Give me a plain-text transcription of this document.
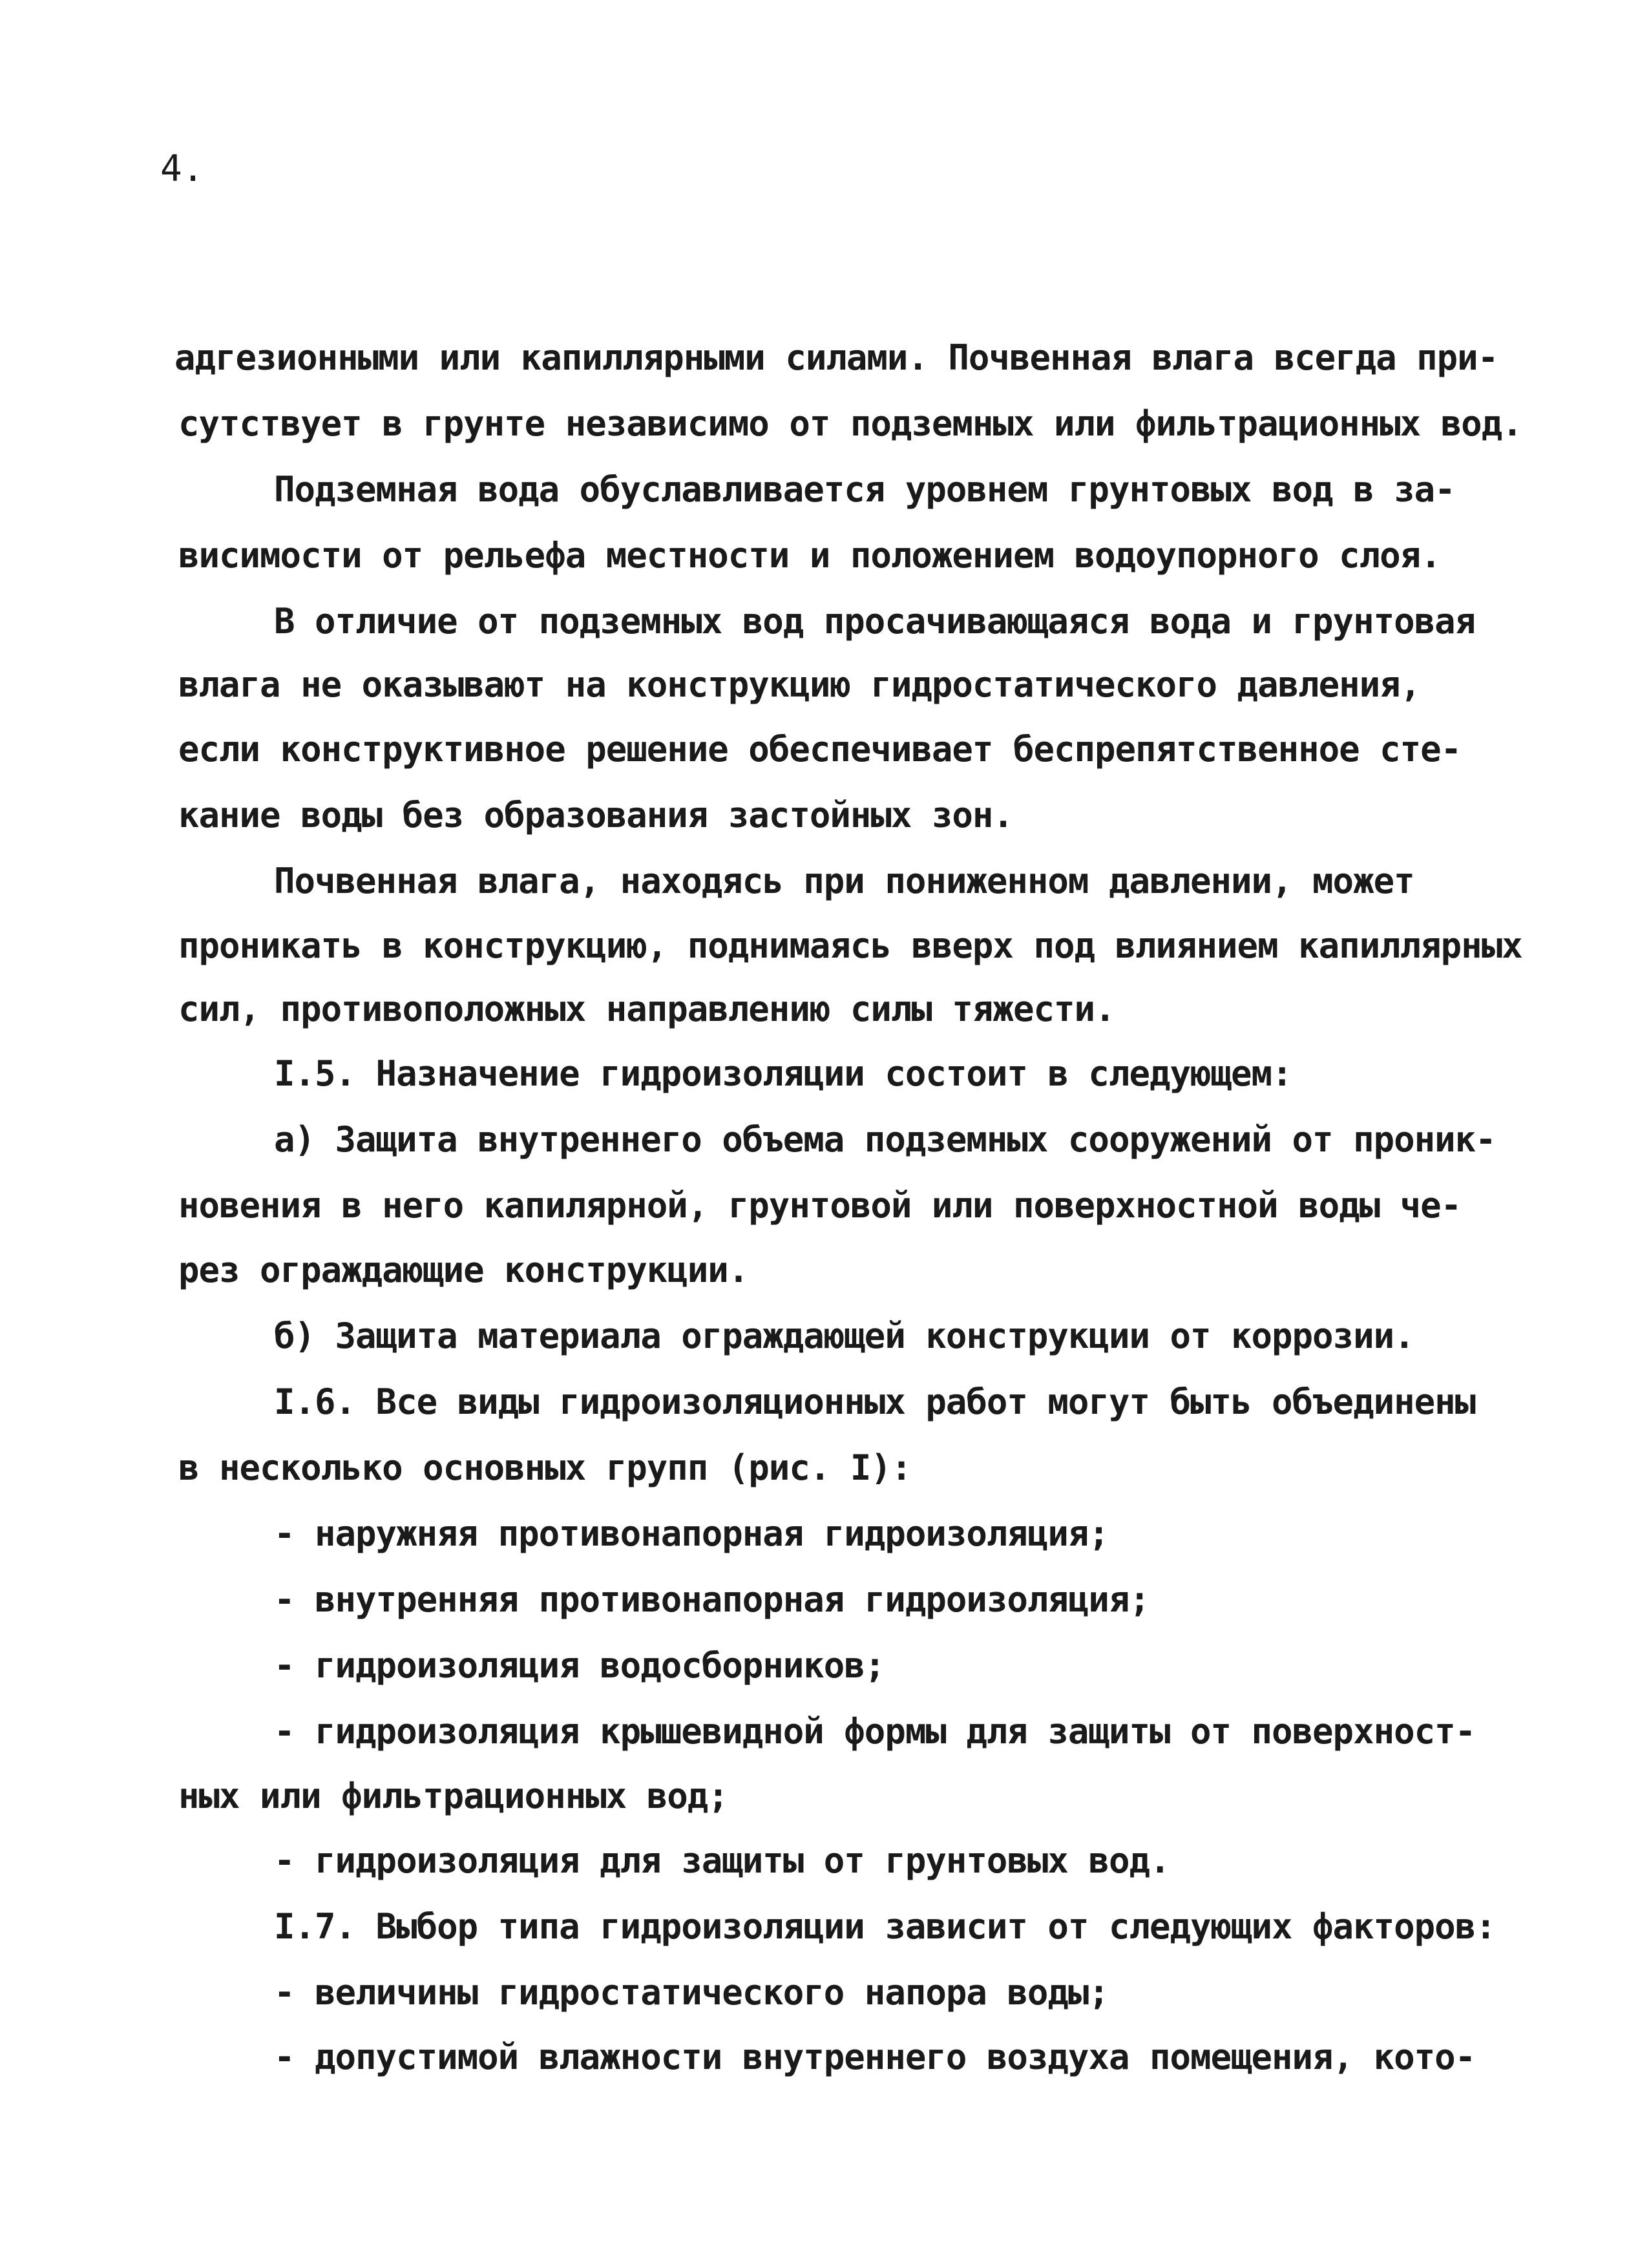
4.
адгезионными или капиллярными силами. Почвенная влага всегда при-
сутствует в грунте независимо от подземных или фильтрационных вод.
Подземная вода обуславливается уровнем грунтовых вод в за-
висимости от рельефа местности и положением водоупорного слоя.
В отличие от подземных вод просачивающаяся вода и грунтовая
влага не оказывают на конструкцию гидростатического давления,
если конструктивное решение обеспечивает беспрепятственное сте-
кание воды без образования застойных зон.
Почвенная влага, находясь при пониженном давлении, может
проникать в конструкцию, поднимаясь вверх под влиянием капиллярных
сил, противоположных направлению силы тяжести.
I.5. Назначение гидроизоляции состоит в следующем:
а) Защита внутреннего объема подземных сооружений от проник-
новения в него капилярной, грунтовой или поверхностной воды че-
рез ограждающие конструкции.
б) Защита материала ограждающей конструкции от коррозии.
I.6. Все виды гидроизоляционных работ могут быть объединены
в несколько основных групп (рис. I):
- наружняя противонапорная гидроизоляция;
- внутренняя противонапорная гидроизоляция;
- гидроизоляция водосборников;
- гидроизоляция крышевидной формы для защиты от поверхност-
ных или фильтрационных вод;
- гидроизоляция для защиты от грунтовых вод.
I.7. Выбор типа гидроизоляции зависит от следующих факторов:
- величины гидростатического напора воды;
- допустимой влажности внутреннего воздуха помещения, кото-
